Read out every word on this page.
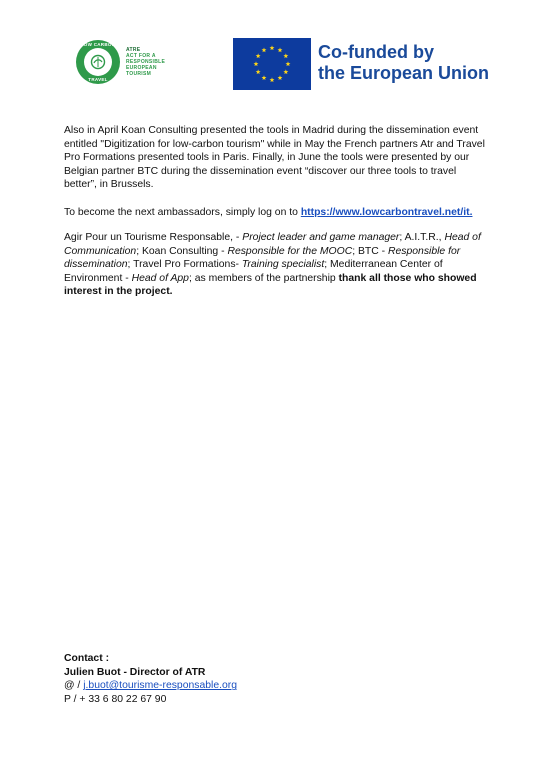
LOW CARBON
TRAVEL
ATRE
ACT FOR A
RESPONSIBLE
EUROPEAN
TOURISM
Co-funded by
the European Union
Also in April Koan Consulting presented the tools in Madrid during the dissemination event entitled "Digitization for low-carbon tourism" while in May the French partners Atr and Travel Pro Formations presented tools in Paris. Finally, in June the tools were presented by our Belgian partner BTC during the dissemination event “discover our three tools to travel better”, in Brussels.
To become the next ambassadors, simply log on to https://www.lowcarbontravel.net/it.
Agir Pour un Tourisme Responsable, - Project leader and game manager; A.I.T.R., Head of Communication; Koan Consulting - Responsible for the MOOC; BTC - Responsible for dissemination; Travel Pro Formations- Training specialist; Mediterranean Center of Environment - Head of App; as members of the partnership thank all those who showed interest in the project.
Contact :
Julien Buot - Director of ATR
@ / j.buot@tourisme-responsable.org
P / + 33 6 80 22 67 90
